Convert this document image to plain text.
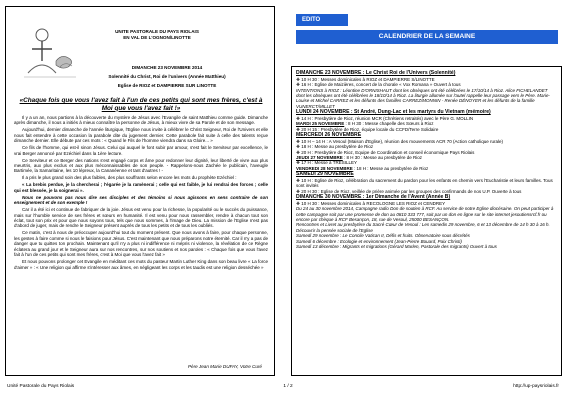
UNITE PASTORALE DU PAYS RIOLAIS
EN VAL DE L'OGNON/LINOTTE
DIMANCHE 23 NOVEMBRE 2014
Solennité du Christ, Roi de l'univers (Année Matthieu)
Eglise de RIOZ et DAMPIERRE SUR LINOTTE
«Chaque fois que vous l'avez fait à l'un de ces petits qui sont mes frères, c'est à Moi que vous l'avez fait !»

Il y a un an, nous partions à la découverte du mystère de Jésus avec l'Evangile de saint Matthieu comme guide. Dimanche après dimanche, il nous a initiés à mieux connaître la personne de Jésus, à mieux vivre de sa Parole et de son message.

Aujourd'hui, dernier dimanche de l'année liturgique, l'Eglise nous invite à célébrer le Christ Seigneur, Roi de l'Univers et elle nous fait entendre à cette occasion la parabole dite du jugement dernier. Cette parabole fait suite à celle des talents reçue dimanche dernier. Elle débute par ces mots : « Quand le Fils de l'homme viendra dans sa Gloire... »

Ce fils de l'homme, qui est-il sinon Jésus. Celui qui auquel le font subir par amour, s'est fait le Serviteur par excellence, le vrai Berger annoncé par Ezéchiel dans la 1ère lecture.

Ce Serviteur et ce Berger des nations s'est engagé corps et âme pour redonner leur dignité, leur liberté de vivre aux plus meurtris, aux plus exclus et aux plus méconnaissables de son peuple. - Rappelons-nous Zachée le publicain, l'aveugle Bartimée, la Samaritaine, les 10 lépreux, la Cananéenne et tant d'autres ! -

Il a pris le plus grand soin des plus faibles, des plus souffrants selon encore les mots du prophète Ezéchiel :

« La brebis perdue, je la chercherai ; l'égarée je la ramènerai ; celle qui est faible, je lui rendrai des forces ; celle qui est blessée, je la soignerai ».

Nous ne pouvons pas nous dire ses disciples et des témoins si nous agissons en sens contraire de son enseignement et de son exemple !

Car il a été ici et continue de fabriquer de la joie. Jésus est venu pour la richesse, la popularité ou le succès du puissance, mais sur l'humble service de ses frères et sœurs en humanité. Il est venu pour nous rassembler, rendre à chacun tout son éclat, tout son prix et pour que nous soyons tous, tels que nous sommes, à l'image de Dieu. La mission de l'Eglise n'est pas d'abord de juger, mais de rendre le Seigneur présent auprès de tous les petits et de tous les oubliés.

Ce matin, c'est à nous de préoccuper aujourd'hui tout du moment présent. Que nous avons à faire, pour chaque personne, les gestes à faire comme si nous le faisions pour Jésus. C'est maintenant que nous préparons notre éternité. Car il n'y a pas de danger que tu quittes ton prochain. Maintenant qu'il n'y a plus ni indifférence ni mépris ni violence, la révélation de ce Règne éclatera au grand jour et le Seigneur aura sur nos rencontres, sur nos soutiens et nos paroles : « Chaque fois que vous l'avez fait à l'un de ces petits qui sont mes frères, c'est à Moi que vous l'avez fait »

Et nous pouvons prolonger cet Evangile en méditant ces mots du pasteur Martin Luther King dans son beau livre « La force d'aimer » : « Une religion qui affirme s'intéresser aux âmes, en négligeant les corps et les taudis est une religion desséchée »

Père Jean Marie DUFAY, Votre Curé
EDITO
CALENDRIER DE LA SEMAINE
DIMANCHE 23 NOVEMBRE : Le Christ Roi de l'Univers (Solennité)
❖ 10 H 30 : Messes dominicales à RIOZ et DAMPIERRE S/LINOTTE
❖ 16 H : Eglise de Maizières, concert de la chorale « Vox Romana » Ouvert à tous
INTENTIONS à RIOZ : Léontine D'ORNISHAUT dont les obsèques ont été célébrées le 17/10/14 à Rioz. Alice FICHELANDET dont les obsèques ont été célébrées le 18/10/14 à Rioz. La liturgie allumée sur l'autel rappelle leur passage vers le Père. Marie-Louise et Michel CARREZ et les défunts des familles CARREZ/MONNIN - Renée DÉNOYER et les défunts de la famille VUNERCT/MILLET
LUNDI 24 NOVEMBRE : St André, Dung-Lac et les martyrs du Vietnam (mémoire)
❖ 14 H : Presbytère de Rioz, réunion MCR (Chrétiens retraités) avec le Père G. MOLLIN
MARDI 25 NOVEMBRE : 8 H 30 : Messe chapelle des Sœurs à Rioz
❖ 20 H 15 : Presbytère de Rioz, équipe locale du CCFD/Terre Solidaire
MERCREDI 26 NOVEMBRE
❖ 10 H – 14 H : A Vesoul (Maison d'Eglise), réunion des mouvements ACR 70 (Action catholique rurale)
❖ 18 H : Messe au presbytère de Rioz
❖ 20 H : Presbytère de Rioz, Equipe de Coordination et conseil économique Pays Riolais
JEUDI 27 NOVEMBRE : 8 H 30 : Messe au presbytère de Rioz
❖ 17 H : Messe à TRESILLEY
VENDREDI 28 NOVEMBRE : 18 H : Messe au presbytère de Rioz
SAMEDI 29 NOVEMBRE
❖ 10 H : Eglise de Rioz, célébration du sacrement du pardon pour les enfants en chemin vers l'Eucharistie et leurs familles. Tous sont invités
❖ 20 H 30 : Eglise de Rioz, veillée de prière animée par les groupes des confirmands de nos U.P. Ouverte à tous
DIMANCHE 30 NOVEMBRE : 1er Dimanche de l'Avent (Année B)
❖ 10 H 30 : Messes dominicales à RECOLOGNE LES RIOZ et CENDREY
Du 24 au 30 novembre 2014, Campagne radio Don de soutien à RCF. Au service de notre Eglise diocésaine. On peut participer à cette campagne soit par une promesse de don au 0810 333 777, soit par un don en ligne sur le site internet jesoutiensrcf.fr ou encore par chèque à RCF Besançon, 18, rue de Vesoul, 25000 BESANÇON.
Rencontres et Livret au presbytère du Sacré Cœur de Vesoul : Les samedis 29 novembre, 6 et 13 décembre de 14 h 30 à 16 h. Découvrir la pensée sociale de l'Eglise
Samedi 29 novembre : Le Concile Vatican II, Défis et fruits. Observatoire sous décrétés
Samedi 6 décembre : Ecologie et environnement (Jean-Pierre Bouard, Paix Christi)
Samedi 13 décembre : Migrants et migrations (Gérard Marlen, Pastorale des migrants) Ouvert à tous
Unité Pastorale du Pays Riolais	1 / 2	http://up-paysriolais.fr
